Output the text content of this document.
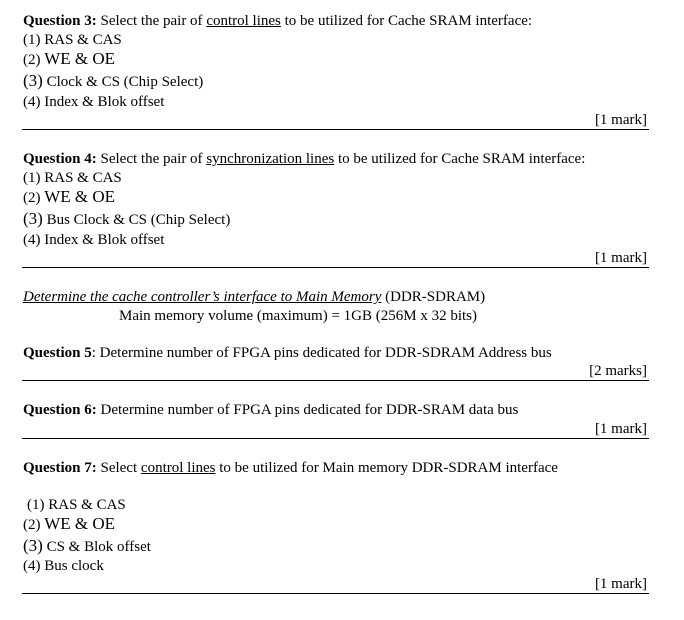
Question 3: Select the pair of control lines to be utilized for Cache SRAM interface:
(1) RAS & CAS
(2) WE & OE
(3) Clock & CS (Chip Select)
(4) Index & Blok offset
[1 mark]
Question 4: Select the pair of synchronization lines to be utilized for Cache SRAM interface:
(1) RAS & CAS
(2) WE & OE
(3) Bus Clock & CS (Chip Select)
(4) Index & Blok offset
[1 mark]
Determine the cache controller’s interface to Main Memory (DDR-SDRAM)
Main memory volume (maximum) = 1GB (256M x 32 bits)
Question 5: Determine number of FPGA pins dedicated for DDR-SDRAM Address bus
[2 marks]
Question 6: Determine number of FPGA pins dedicated for DDR-SRAM data bus
[1 mark]
Question 7: Select control lines to be utilized for Main memory DDR-SDRAM interface
(1) RAS & CAS
(2) WE & OE
(3) CS & Blok offset
(4) Bus clock
[1 mark]
